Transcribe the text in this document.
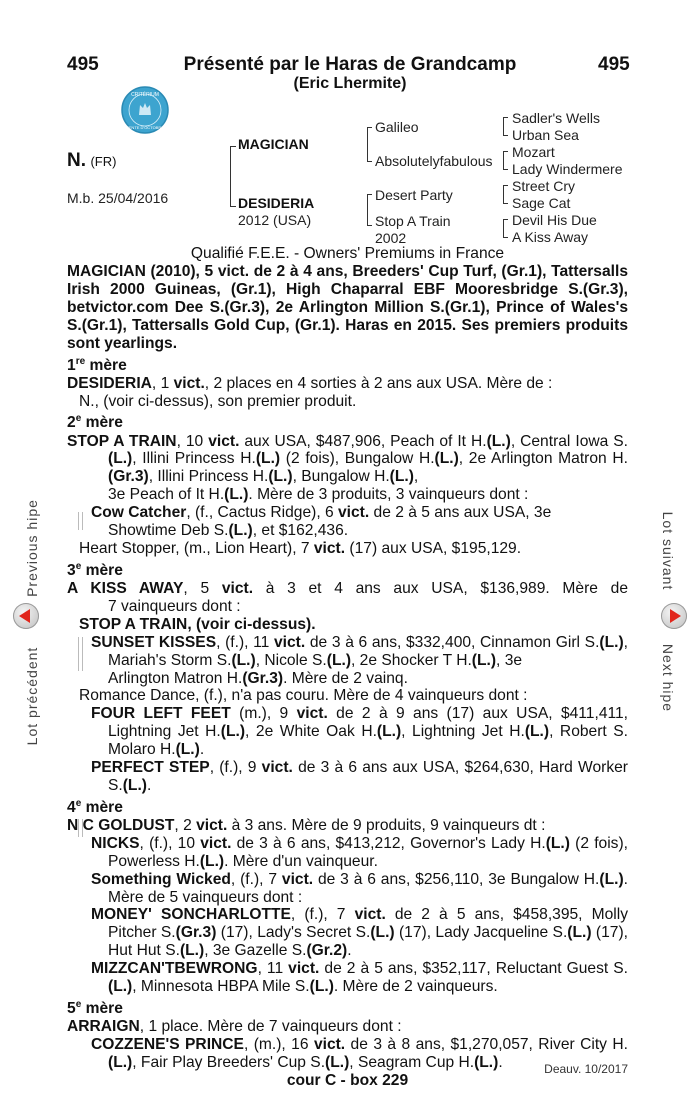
495	495
Présenté par le Haras de Grandcamp
(Eric Lhermite)
CRITÉRIUM
VENTE D'OCTOBRE
N. (FR)
M.b. 25/04/2016
MAGICIAN
DESIDERIA
2012 (USA)
Galileo
Absolutelyfabulous
Desert Party
Stop A Train
2002
Sadler's Wells
Urban Sea
Mozart
Lady Windermere
Street Cry
Sage Cat
Devil His Due
A Kiss Away
Qualifié F.E.E. - Owners' Premiums in France

MAGICIAN (2010), 5 vict. de 2 à 4 ans, Breeders' Cup Turf, (Gr.1), Tattersalls Irish 2000 Guineas, (Gr.1), High Chaparral EBF Mooresbridge S.(Gr.3), betvictor.com Dee S.(Gr.3), 2e Arlington Million S.(Gr.1), Prince of Wales's S.(Gr.1), Tattersalls Gold Cup, (Gr.1). Haras en 2015. Ses premiers produits sont yearlings.

1re mère

DESIDERIA, 1 vict., 2 places en 4 sorties à 2 ans aux USA. Mère de :

N., (voir ci-dessus), son premier produit.

2e mère

STOP A TRAIN, 10 vict. aux USA, $487,906, Peach of It H.(L.), Central Iowa S.(L.), Illini Princess H.(L.) (2 fois), Bungalow H.(L.), 2e Arlington Matron H.(Gr.3), Illini Princess H.(L.), Bungalow H.(L.),

3e Peach of It H.(L.). Mère de 3 produits, 3 vainqueurs dont :

Cow Catcher, (f., Cactus Ridge), 6 vict. de 2 à 5 ans aux USA, 3e

Showtime Deb S.(L.), et $162,436.

Heart Stopper, (m., Lion Heart), 7 vict. (17) aux USA, $195,129.

3e mère

A KISS AWAY, 5 vict. à 3 et 4 ans aux USA, $136,989. Mère de

7 vainqueurs dont :

STOP A TRAIN, (voir ci-dessus).

SUNSET KISSES, (f.), 11 vict. de 3 à 6 ans, $332,400, Cinnamon Girl S.(L.), Mariah's Storm S.(L.), Nicole S.(L.), 2e Shocker T H.(L.), 3e

Arlington Matron H.(Gr.3). Mère de 2 vainq.

Romance Dance, (f.), n'a pas couru. Mère de 4 vainqueurs dont :

FOUR LEFT FEET (m.), 9 vict. de 2 à 9 ans (17) aux USA, $411,411, Lightning Jet H.(L.), 2e White Oak H.(L.), Lightning Jet H.(L.), Robert S. Molaro H.(L.).

PERFECT STEP, (f.), 9 vict. de 3 à 6 ans aux USA, $264,630, Hard Worker S.(L.).

4e mère

N C GOLDUST, 2 vict. à 3 ans. Mère de 9 produits, 9 vainqueurs dt :

NICKS, (f.), 10 vict. de 3 à 6 ans, $413,212, Governor's Lady H.(L.) (2 fois), Powerless H.(L.). Mère d'un vainqueur.

Something Wicked, (f.), 7 vict. de 3 à 6 ans, $256,110, 3e Bungalow H.(L.). Mère de 5 vainqueurs dont :

MONEY' SONCHARLOTTE, (f.), 7 vict. de 2 à 5 ans, $458,395, Molly Pitcher S.(Gr.3) (17), Lady's Secret S.(L.) (17), Lady Jacqueline S.(L.) (17), Hut Hut S.(L.), 3e Gazelle S.(Gr.2).

MIZZCAN'TBEWRONG, 11 vict. de 2 à 5 ans, $352,117, Reluctant Guest S.(L.), Minnesota HBPA Mile S.(L.). Mère de 2 vainqueurs.

5e mère

ARRAIGN, 1 place. Mère de 7 vainqueurs dont :

COZZENE'S PRINCE, (m.), 16 vict. de 3 à 8 ans, $1,270,057, River City H.(L.), Fair Play Breeders' Cup S.(L.), Seagram Cup H.(L.).

cour C - box 229

Deauv. 10/2017
Previous hipe
Lot précédent
Lot suivant
Next hipe
